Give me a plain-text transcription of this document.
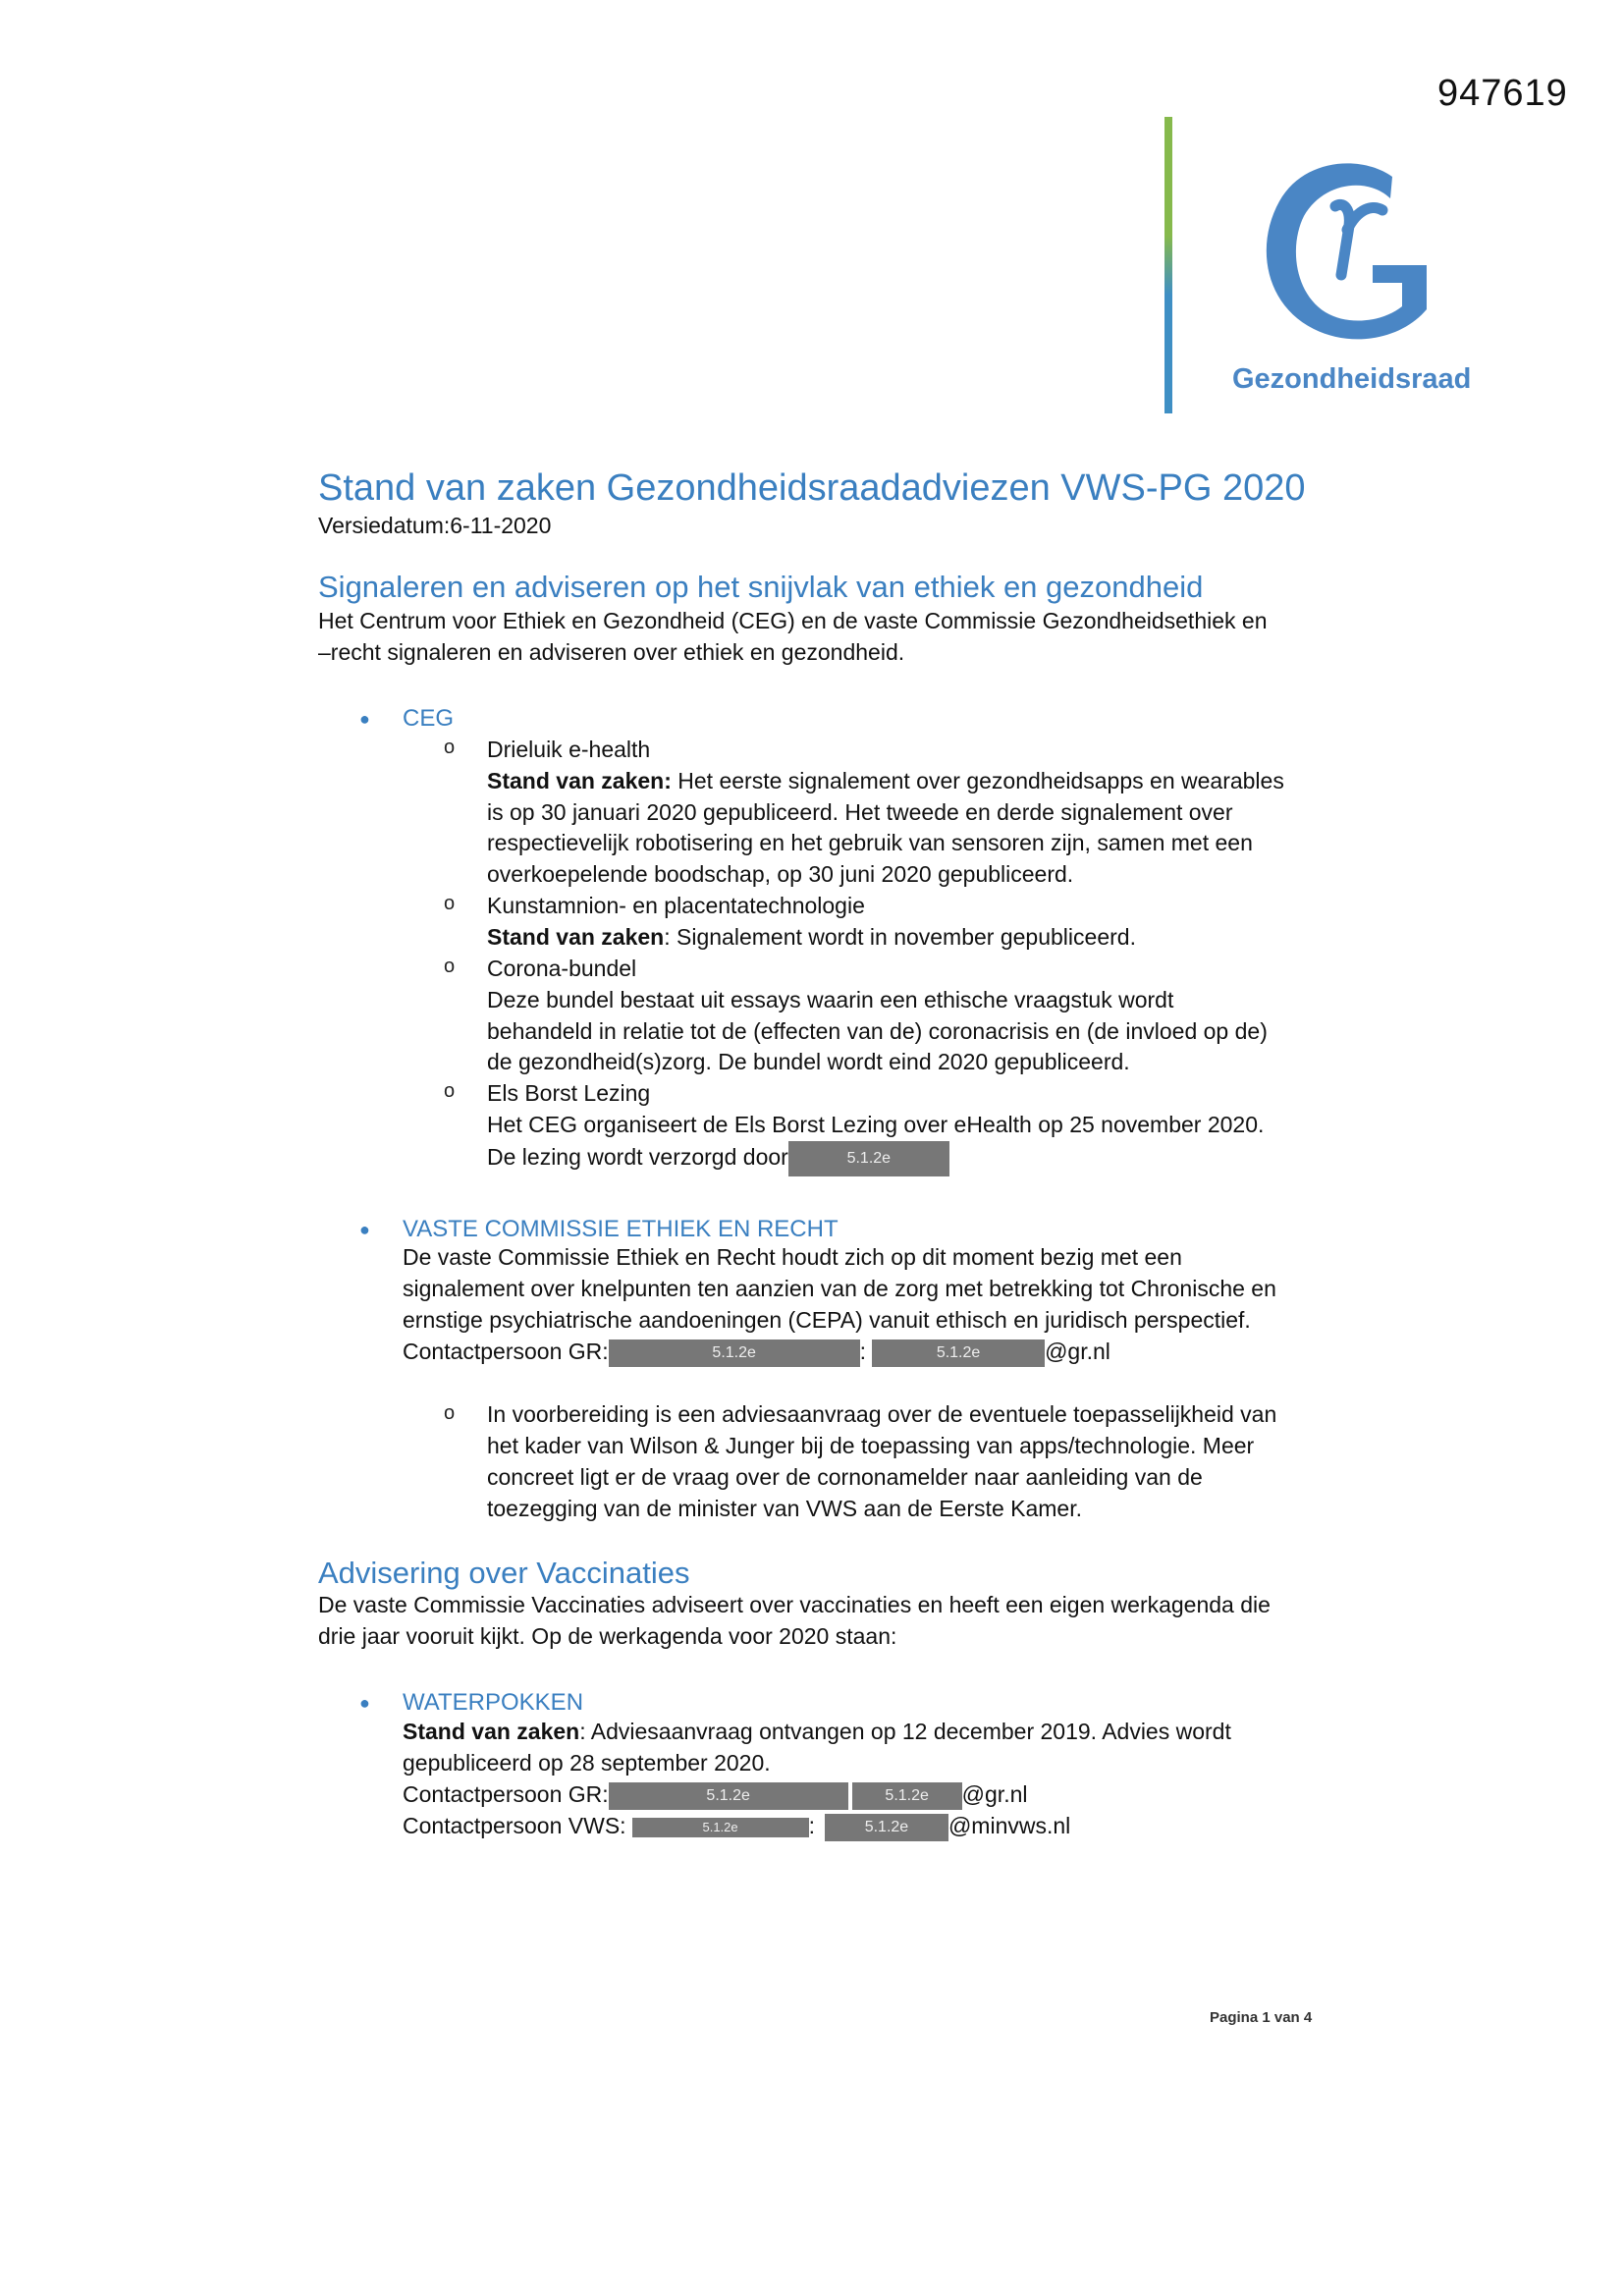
947619
Gezondheidsraad
Stand van zaken Gezondheidsraadadviezen VWS-PG 2020
Versiedatum:6-11-2020
Signaleren en adviseren op het snijvlak van ethiek en gezondheid
Het Centrum voor Ethiek en Gezondheid (CEG) en de vaste Commissie Gezondheidsethiek en
–recht signaleren en adviseren over ethiek en gezondheid.
● CEG
o Drieluik e-health
Stand van zaken: Het eerste signalement over gezondheidsapps en wearables
is op 30 januari 2020 gepubliceerd. Het tweede en derde signalement over
respectievelijk robotisering en het gebruik van sensoren zijn, samen met een
overkoepelende boodschap, op 30 juni 2020 gepubliceerd.
o Kunstamnion- en placentatechnologie
Stand van zaken: Signalement wordt in november gepubliceerd.
o Corona-bundel
Deze bundel bestaat uit essays waarin een ethische vraagstuk wordt
behandeld in relatie tot de (effecten van de) coronacrisis en (de invloed op de)
de gezondheid(s)zorg. De bundel wordt eind 2020 gepubliceerd.
o Els Borst Lezing
Het CEG organiseert de Els Borst Lezing over eHealth op 25 november 2020.
De lezing wordt verzorgd door	5.1.2e
● VASTE COMMISSIE ETHIEK EN RECHT
De vaste Commissie Ethiek en Recht houdt zich op dit moment bezig met een
signalement over knelpunten ten aanzien van de zorg met betrekking tot Chronische en
ernstige psychiatrische aandoeningen (CEPA) vanuit ethisch en juridisch perspectief.
Contactpersoon GR:	5.1.2e	:	5.1.2e	@gr.nl
o In voorbereiding is een adviesaanvraag over de eventuele toepasselijkheid van
het kader van Wilson & Junger bij de toepassing van apps/technologie. Meer
concreet ligt er de vraag over de cornonamelder naar aanleiding van de
toezegging van de minister van VWS aan de Eerste Kamer.
Advisering over Vaccinaties
De vaste Commissie Vaccinaties adviseert over vaccinaties en heeft een eigen werkagenda die
drie jaar vooruit kijkt. Op de werkagenda voor 2020 staan:
● WATERPOKKEN
Stand van zaken: Adviesaanvraag ontvangen op 12 december 2019. Advies wordt
gepubliceerd op 28 september 2020.
Contactpersoon GR:	5.1.2e	5.1.2e @gr.nl
Contactpersoon VWS:	5.1.2e	:	5.1.2e @minvws.nl
Pagina 1 van 4
